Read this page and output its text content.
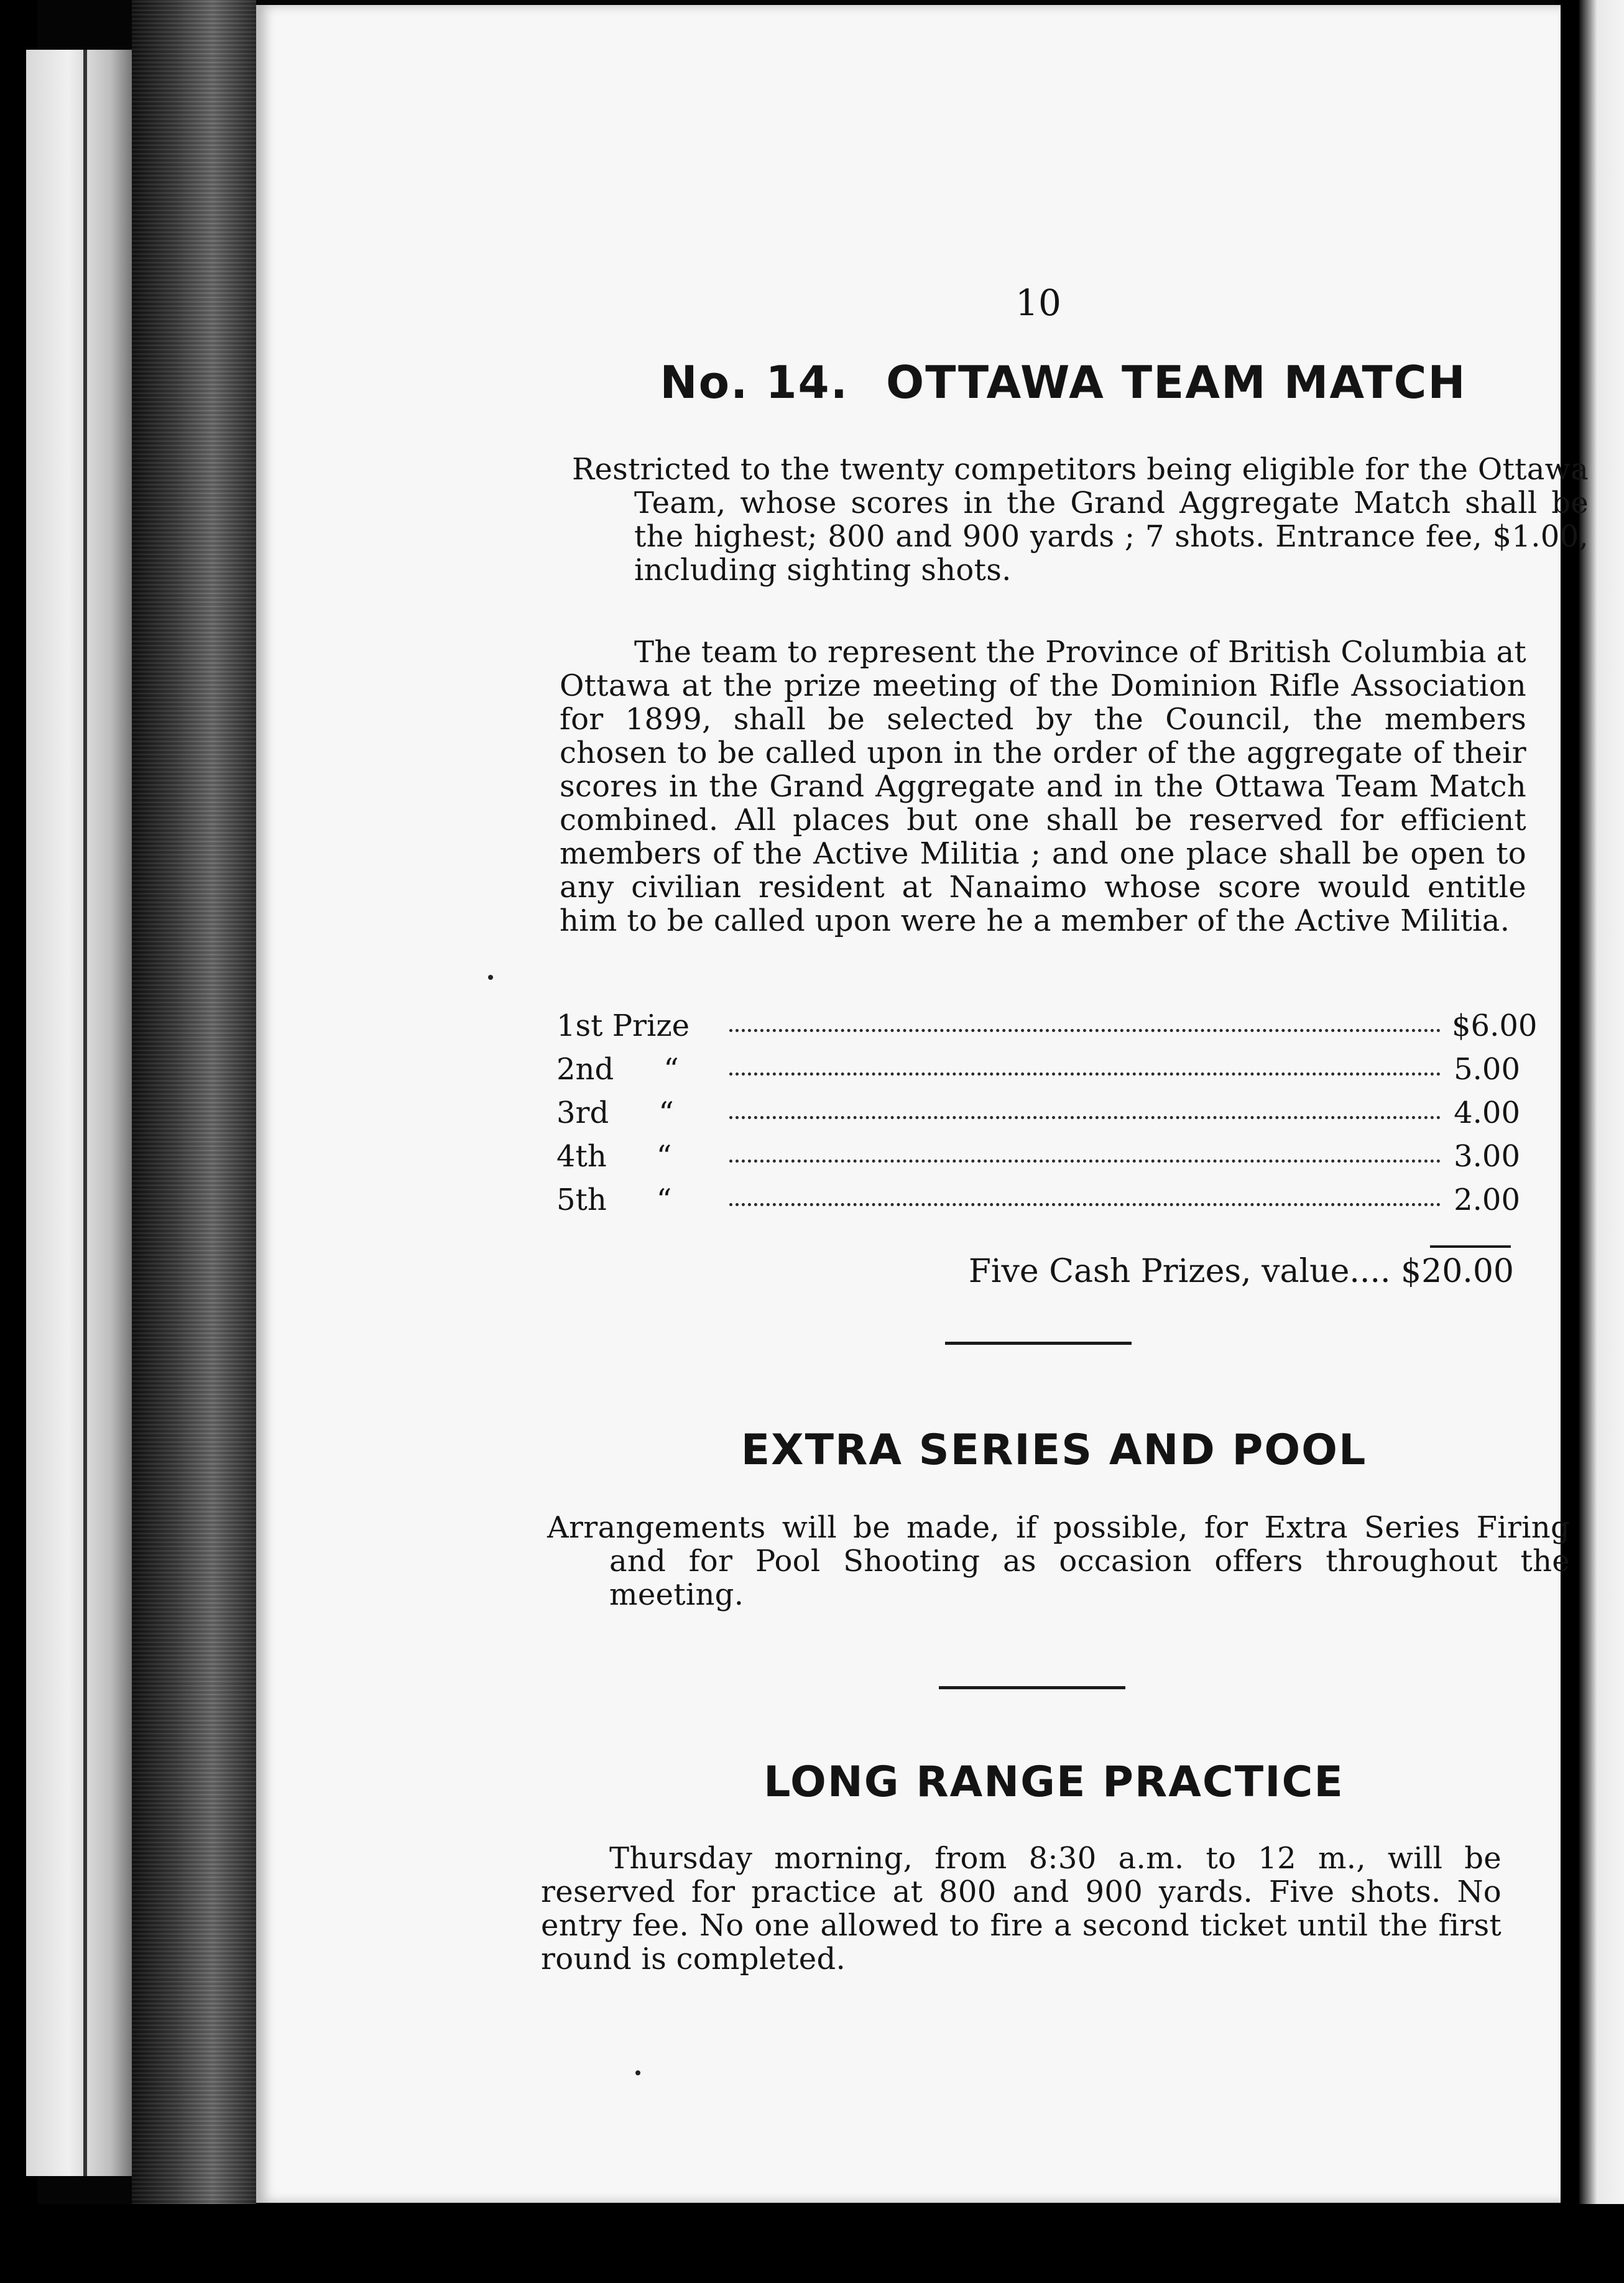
10
No. 14. OTTAWA TEAM MATCH
Restricted to the twenty competitors being eligible for the Ottawa Team, whose scores in the Grand Aggregate Match shall be the highest; 800 and 900 yards ; 7 shots. Entrance fee, $1.00, including sighting shots.
The team to represent the Province of British Columbia at Ottawa at the prize meeting of the Dominion Rifle Association for 1899, shall be selected by the Council, the members chosen to be called upon in the order of the aggregate of their scores in the Grand Aggregate and in the Ottawa Team Match combined. All places but one shall be reserved for efficient members of the Active Militia ; and one place shall be open to any civilian resident at Nanaimo whose score would entitle him to be called upon were he a member of the Active Militia.
1st Prize	$6.00
2nd “	5.00
3rd “	4.00
4th “	3.00
5th “	2.00
Five Cash Prizes, value.... $20.00
EXTRA SERIES AND POOL
Arrangements will be made, if possible, for Extra Series Firing and for Pool Shooting as occasion offers throughout the meeting.
LONG RANGE PRACTICE
Thursday morning, from 8:30 a.m. to 12 m., will be reserved for practice at 800 and 900 yards. Five shots. No entry fee. No one allowed to fire a second ticket until the first round is completed.
